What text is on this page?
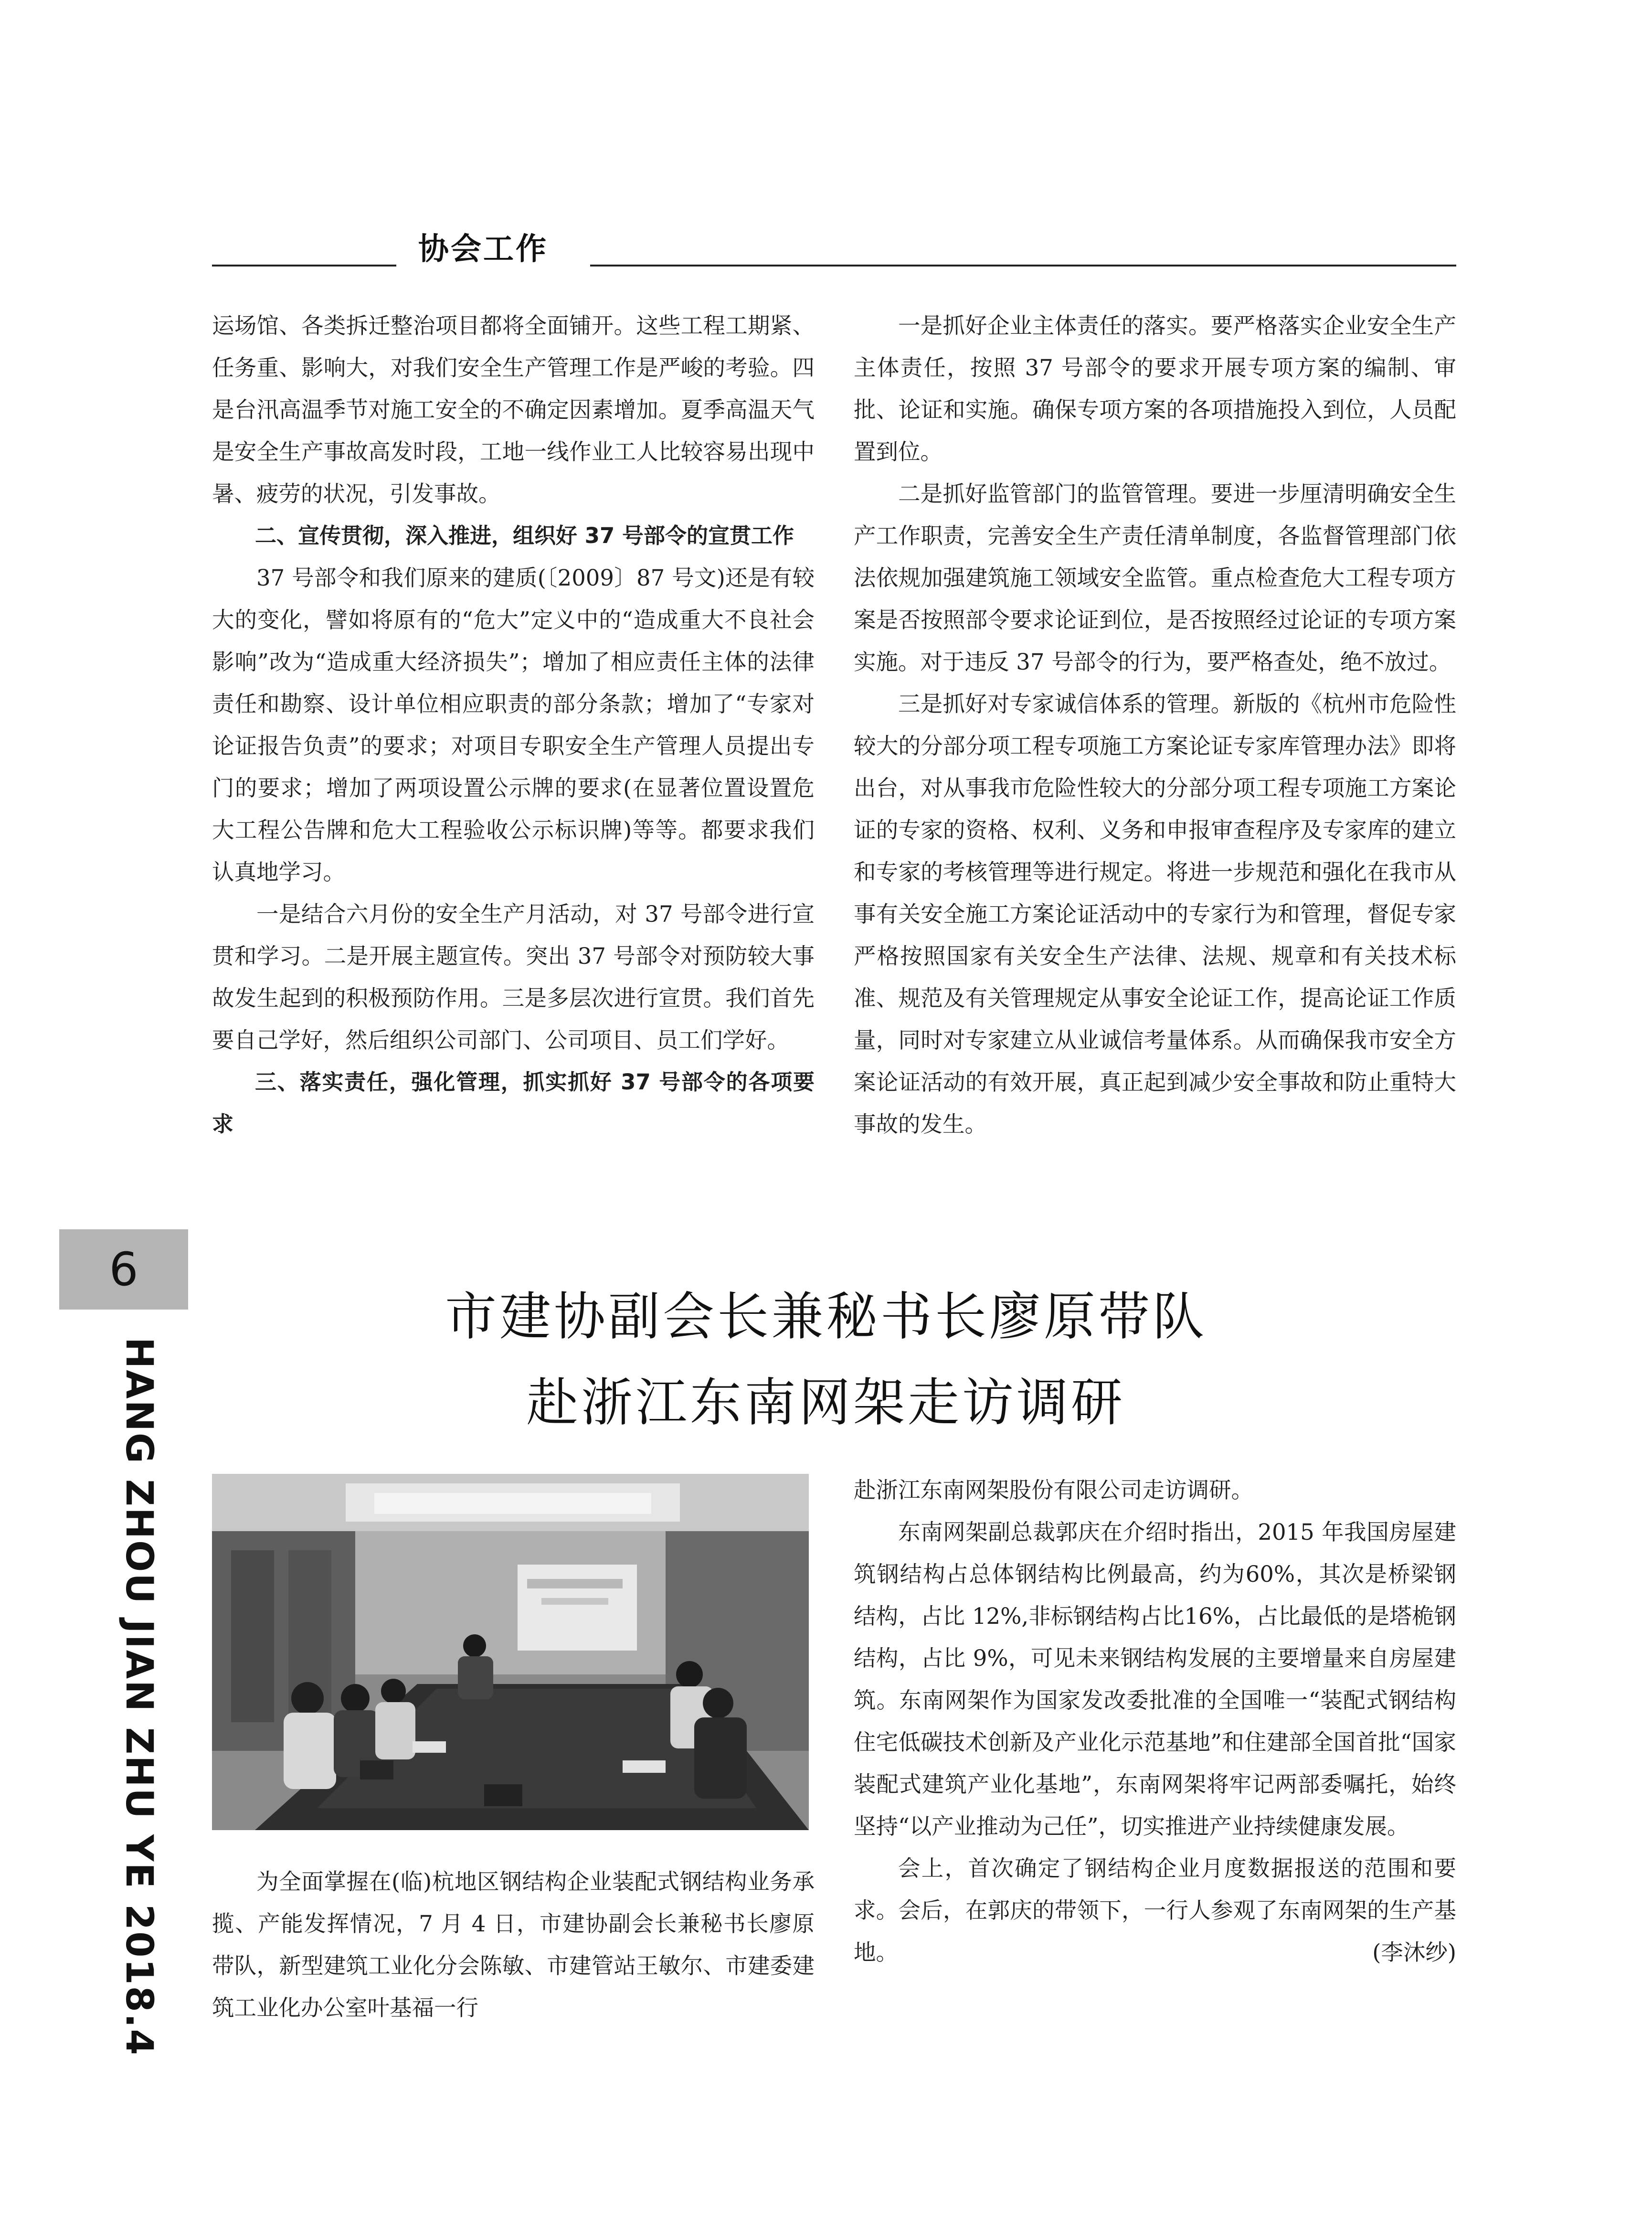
协会工作

运场馆、各类拆迁整治项目都将全面铺开。这些工程工期紧、任务重、影响大，对我们安全生产管理工作是严峻的考验。四是台汛高温季节对施工安全的不确定因素增加。夏季高温天气是安全生产事故高发时段，工地一线作业工人比较容易出现中暑、疲劳的状况，引发事故。

二、宣传贯彻，深入推进，组织好 37 号部令的宣贯工作

37 号部令和我们原来的建质(〔2009〕87 号文)还是有较大的变化，譬如将原有的“危大”定义中的“造成重大不良社会影响”改为“造成重大经济损失”；增加了相应责任主体的法律责任和勘察、设计单位相应职责的部分条款；增加了“专家对论证报告负责”的要求；对项目专职安全生产管理人员提出专门的要求；增加了两项设置公示牌的要求(在显著位置设置危大工程公告牌和危大工程验收公示标识牌)等等。都要求我们认真地学习。

一是结合六月份的安全生产月活动，对 37 号部令进行宣贯和学习。二是开展主题宣传。突出 37 号部令对预防较大事故发生起到的积极预防作用。三是多层次进行宣贯。我们首先要自己学好，然后组织公司部门、公司项目、员工们学好。

三、落实责任，强化管理，抓实抓好 37 号部令的各项要求

一是抓好企业主体责任的落实。要严格落实企业安全生产主体责任，按照 37 号部令的要求开展专项方案的编制、审批、论证和实施。确保专项方案的各项措施投入到位，人员配置到位。

二是抓好监管部门的监管管理。要进一步厘清明确安全生产工作职责，完善安全生产责任清单制度，各监督管理部门依法依规加强建筑施工领域安全监管。重点检查危大工程专项方案是否按照部令要求论证到位，是否按照经过论证的专项方案实施。对于违反 37 号部令的行为，要严格查处，绝不放过。

三是抓好对专家诚信体系的管理。新版的《杭州市危险性较大的分部分项工程专项施工方案论证专家库管理办法》即将出台，对从事我市危险性较大的分部分项工程专项施工方案论证的专家的资格、权利、义务和申报审查程序及专家库的建立和专家的考核管理等进行规定。将进一步规范和强化在我市从事有关安全施工方案论证活动中的专家行为和管理，督促专家严格按照国家有关安全生产法律、法规、规章和有关技术标准、规范及有关管理规定从事安全论证工作，提高论证工作质量，同时对专家建立从业诚信考量体系。从而确保我市安全方案论证活动的有效开展，真正起到减少安全事故和防止重特大事故的发生。

6
HANG ZHOU JIAN ZHU YE 2018.4
市建协副会长兼秘书长廖原带队
赴浙江东南网架走访调研

为全面掌握在(临)杭地区钢结构企业装配式钢结构业务承揽、产能发挥情况，7 月 4 日，市建协副会长兼秘书长廖原带队，新型建筑工业化分会陈敏、市建管站王敏尔、市建委建筑工业化办公室叶基福一行

赴浙江东南网架股份有限公司走访调研。

东南网架副总裁郭庆在介绍时指出，2015 年我国房屋建筑钢结构占总体钢结构比例最高，约为60%，其次是桥梁钢结构，占比 12%,非标钢结构占比16%，占比最低的是塔桅钢结构，占比 9%，可见未来钢结构发展的主要增量来自房屋建筑。东南网架作为国家发改委批准的全国唯一“装配式钢结构住宅低碳技术创新及产业化示范基地”和住建部全国首批“国家装配式建筑产业化基地”，东南网架将牢记两部委嘱托，始终坚持“以产业推动为己任”，切实推进产业持续健康发展。

会上，首次确定了钢结构企业月度数据报送的范围和要求。会后，在郭庆的带领下，一行人参观了东南网架的生产基地。	(李沐纱)
